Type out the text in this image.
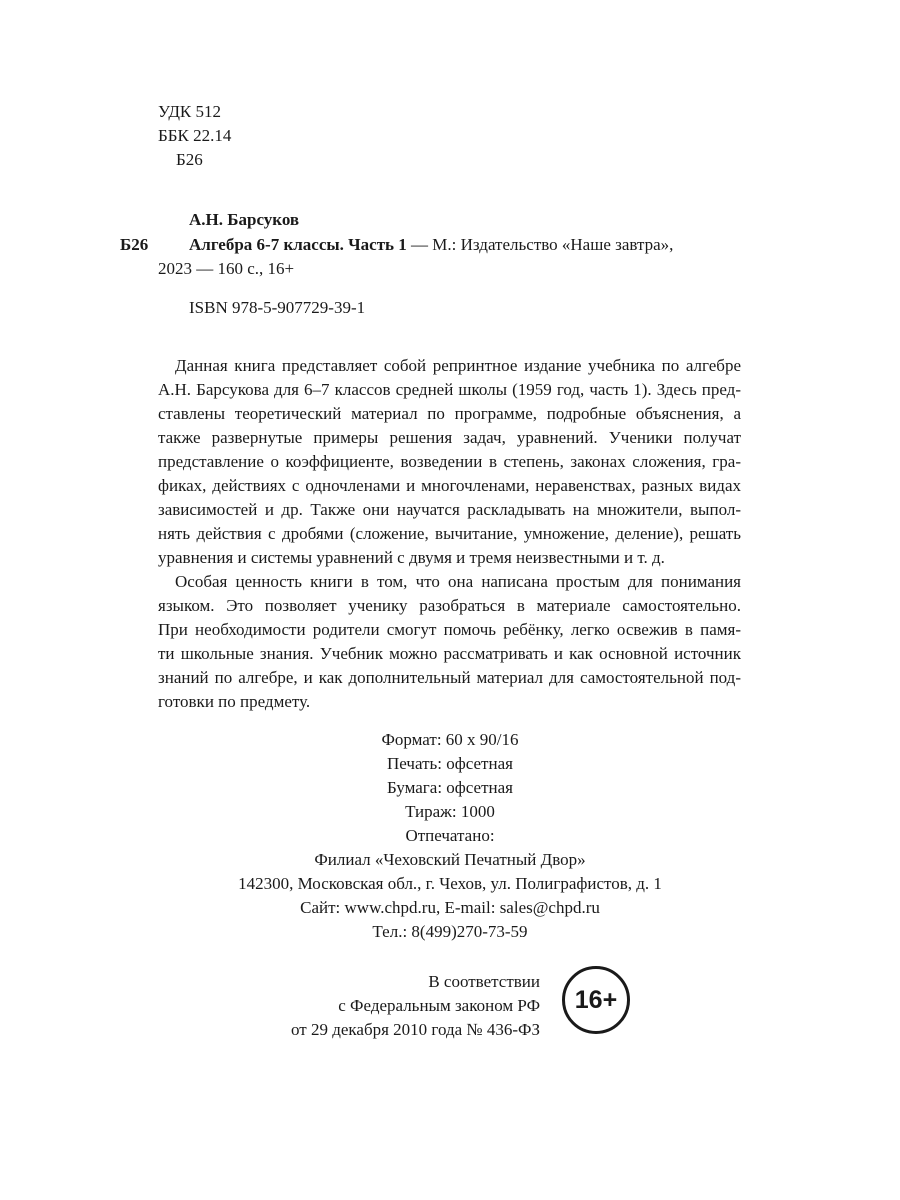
УДК 512
ББК 22.14
Б26
А.Н. Барсуков
Б26 Алгебра 6-7 классы. Часть 1 — М.: Издательство «Наше завтра»,
2023 — 160 с., 16+
ISBN 978-5-907729-39-1
Данная книга представляет собой репринтное издание учебника по алгебре
А.Н. Барсукова для 6–7 классов средней школы (1959 год, часть 1). Здесь пред-
ставлены теоретический материал по программе, подробные объяснения, а
также развернутые примеры решения задач, уравнений. Ученики получат
представление о коэффициенте, возведении в степень, законах сложения, гра-
фиках, действиях с одночленами и многочленами, неравенствах, разных видах
зависимостей и др. Также они научатся раскладывать на множители, выпол-
нять действия с дробями (сложение, вычитание, умножение, деление), решать
уравнения и системы уравнений с двумя и тремя неизвестными и т. д.
Особая ценность книги в том, что она написана простым для понимания
языком. Это позволяет ученику разобраться в материале самостоятельно.
При необходимости родители смогут помочь ребёнку, легко освежив в памя-
ти школьные знания. Учебник можно рассматривать и как основной источник
знаний по алгебре, и как дополнительный материал для самостоятельной под-
готовки по предмету.
Формат: 60 x 90/16
Печать: офсетная
Бумага: офсетная
Тираж: 1000
Отпечатано:
Филиал «Чеховский Печатный Двор»
142300, Московская обл., г. Чехов, ул. Полиграфистов, д. 1
Сайт: www.chpd.ru, E-mail: sales@chpd.ru
Тел.: 8(499)270-73-59
В соответствии
с Федеральным законом РФ
от 29 декабря 2010 года № 436-ФЗ
16+
